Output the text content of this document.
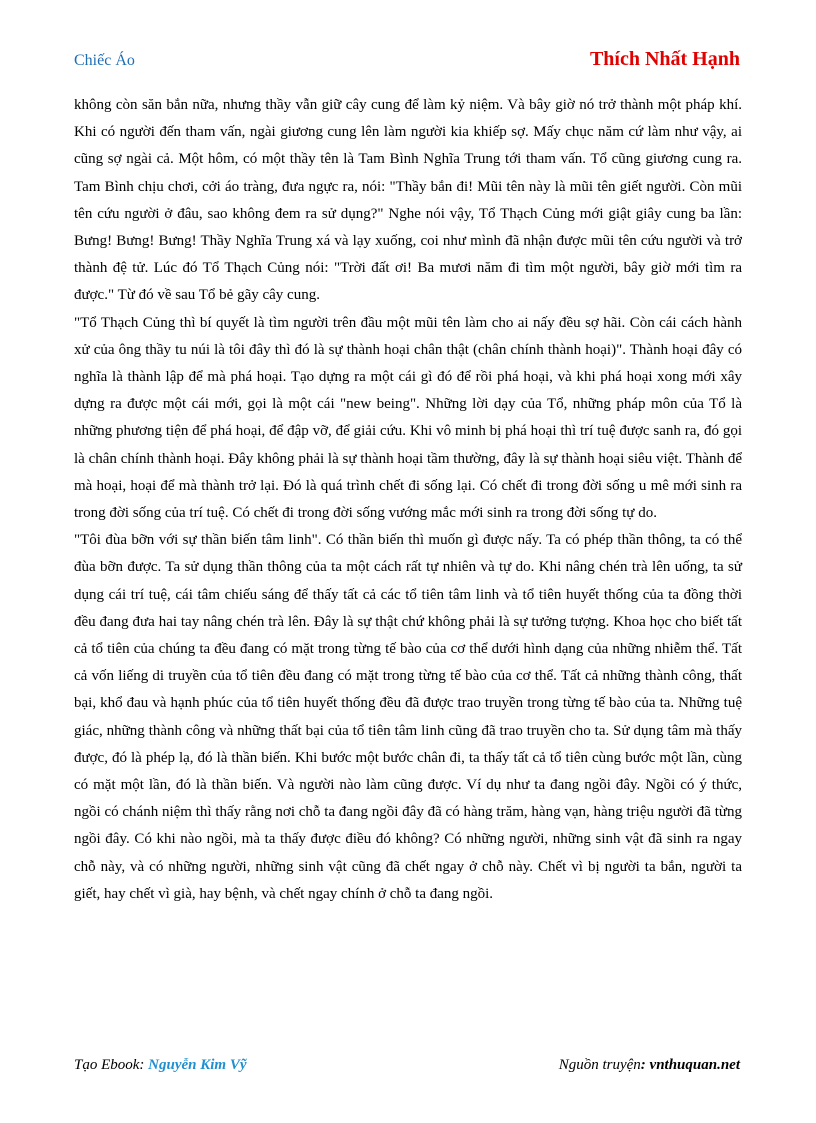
Chiếc Áo	Thích Nhất Hạnh

không còn săn bắn nữa, nhưng thầy vẫn giữ cây cung để làm kỷ niệm. Và bây giờ nó trở thành một pháp khí. Khi có người đến tham vấn, ngài giương cung lên làm người kia khiếp sợ. Mấy chục năm cứ làm như vậy, ai cũng sợ ngài cả. Một hôm, có một thầy tên là Tam Bình Nghĩa Trung tới tham vấn. Tổ cũng giương cung ra. Tam Bình chịu chơi, cởi áo tràng, đưa ngực ra, nói: "Thầy bắn đi! Mũi tên này là mũi tên giết người. Còn mũi tên cứu người ở đâu, sao không đem ra sử dụng?" Nghe nói vậy, Tổ Thạch Củng mới giật giây cung ba lần: Bưng! Bưng! Bưng! Thầy Nghĩa Trung xá và lạy xuống, coi như mình đã nhận được mũi tên cứu người và trở thành đệ tử. Lúc đó Tổ Thạch Củng nói: "Trời đất ơi! Ba mươi năm đi tìm một người, bây giờ mới tìm ra được." Từ đó về sau Tổ bẻ gãy cây cung.

"Tổ Thạch Củng thì bí quyết là tìm người trên đầu một mũi tên làm cho ai nấy đều sợ hãi. Còn cái cách hành xử của ông thầy tu núi là tôi đây thì đó là sự thành hoại chân thật (chân chính thành hoại)". Thành hoại đây có nghĩa là thành lập để mà phá hoại. Tạo dựng ra một cái gì đó để rồi phá hoại, và khi phá hoại xong mới xây dựng ra được một cái mới, gọi là một cái "new being". Những lời dạy của Tổ, những pháp môn của Tổ là những phương tiện để phá hoại, để đập vỡ, để giải cứu. Khi vô minh bị phá hoại thì trí tuệ được sanh ra, đó gọi là chân chính thành hoại. Đây không phải là sự thành hoại tầm thường, đây là sự thành hoại siêu việt. Thành để mà hoại, hoại để mà thành trở lại. Đó là quá trình chết đi sống lại. Có chết đi trong đời sống u mê mới sinh ra trong đời sống của trí tuệ. Có chết đi trong đời sống vướng mắc mới sinh ra trong đời sống tự do.

"Tôi đùa bỡn với sự thần biến tâm linh". Có thần biến thì muốn gì được nấy. Ta có phép thần thông, ta có thể đùa bỡn được. Ta sử dụng thần thông của ta một cách rất tự nhiên và tự do. Khi nâng chén trà lên uống, ta sử dụng cái trí tuệ, cái tâm chiếu sáng để thấy tất cả các tổ tiên tâm linh và tổ tiên huyết thống của ta đồng thời đều đang đưa hai tay nâng chén trà lên. Đây là sự thật chứ không phải là sự tưởng tượng. Khoa học cho biết tất cả tổ tiên của chúng ta đều đang có mặt trong từng tế bào của cơ thể dưới hình dạng của những nhiễm thể. Tất cả vốn liếng di truyền của tổ tiên đều đang có mặt trong từng tế bào của cơ thể. Tất cả những thành công, thất bại, khổ đau và hạnh phúc của tổ tiên huyết thống đều đã được trao truyền trong từng tế bào của ta. Những tuệ giác, những thành công và những thất bại của tổ tiên tâm linh cũng đã trao truyền cho ta. Sử dụng tâm mà thấy được, đó là phép lạ, đó là thần biến. Khi bước một bước chân đi, ta thấy tất cả tổ tiên cùng bước một lần, cùng có mặt một lần, đó là thần biến. Và người nào làm cũng được. Ví dụ như ta đang ngồi đây. Ngồi có ý thức, ngồi có chánh niệm thì thấy rằng nơi chỗ ta đang ngồi đây đã có hàng trăm, hàng vạn, hàng triệu người đã từng ngồi đây. Có khi nào ngồi, mà ta thấy được điều đó không? Có những người, những sinh vật đã sinh ra ngay chỗ này, và có những người, những sinh vật cũng đã chết ngay ở chỗ này. Chết vì bị người ta bắn, người ta giết, hay chết vì già, hay bệnh, và chết ngay chính ở chỗ ta đang ngồi.

Tạo Ebook: Nguyễn Kim Vỹ	Nguồn truyện: vnthuquan.net
